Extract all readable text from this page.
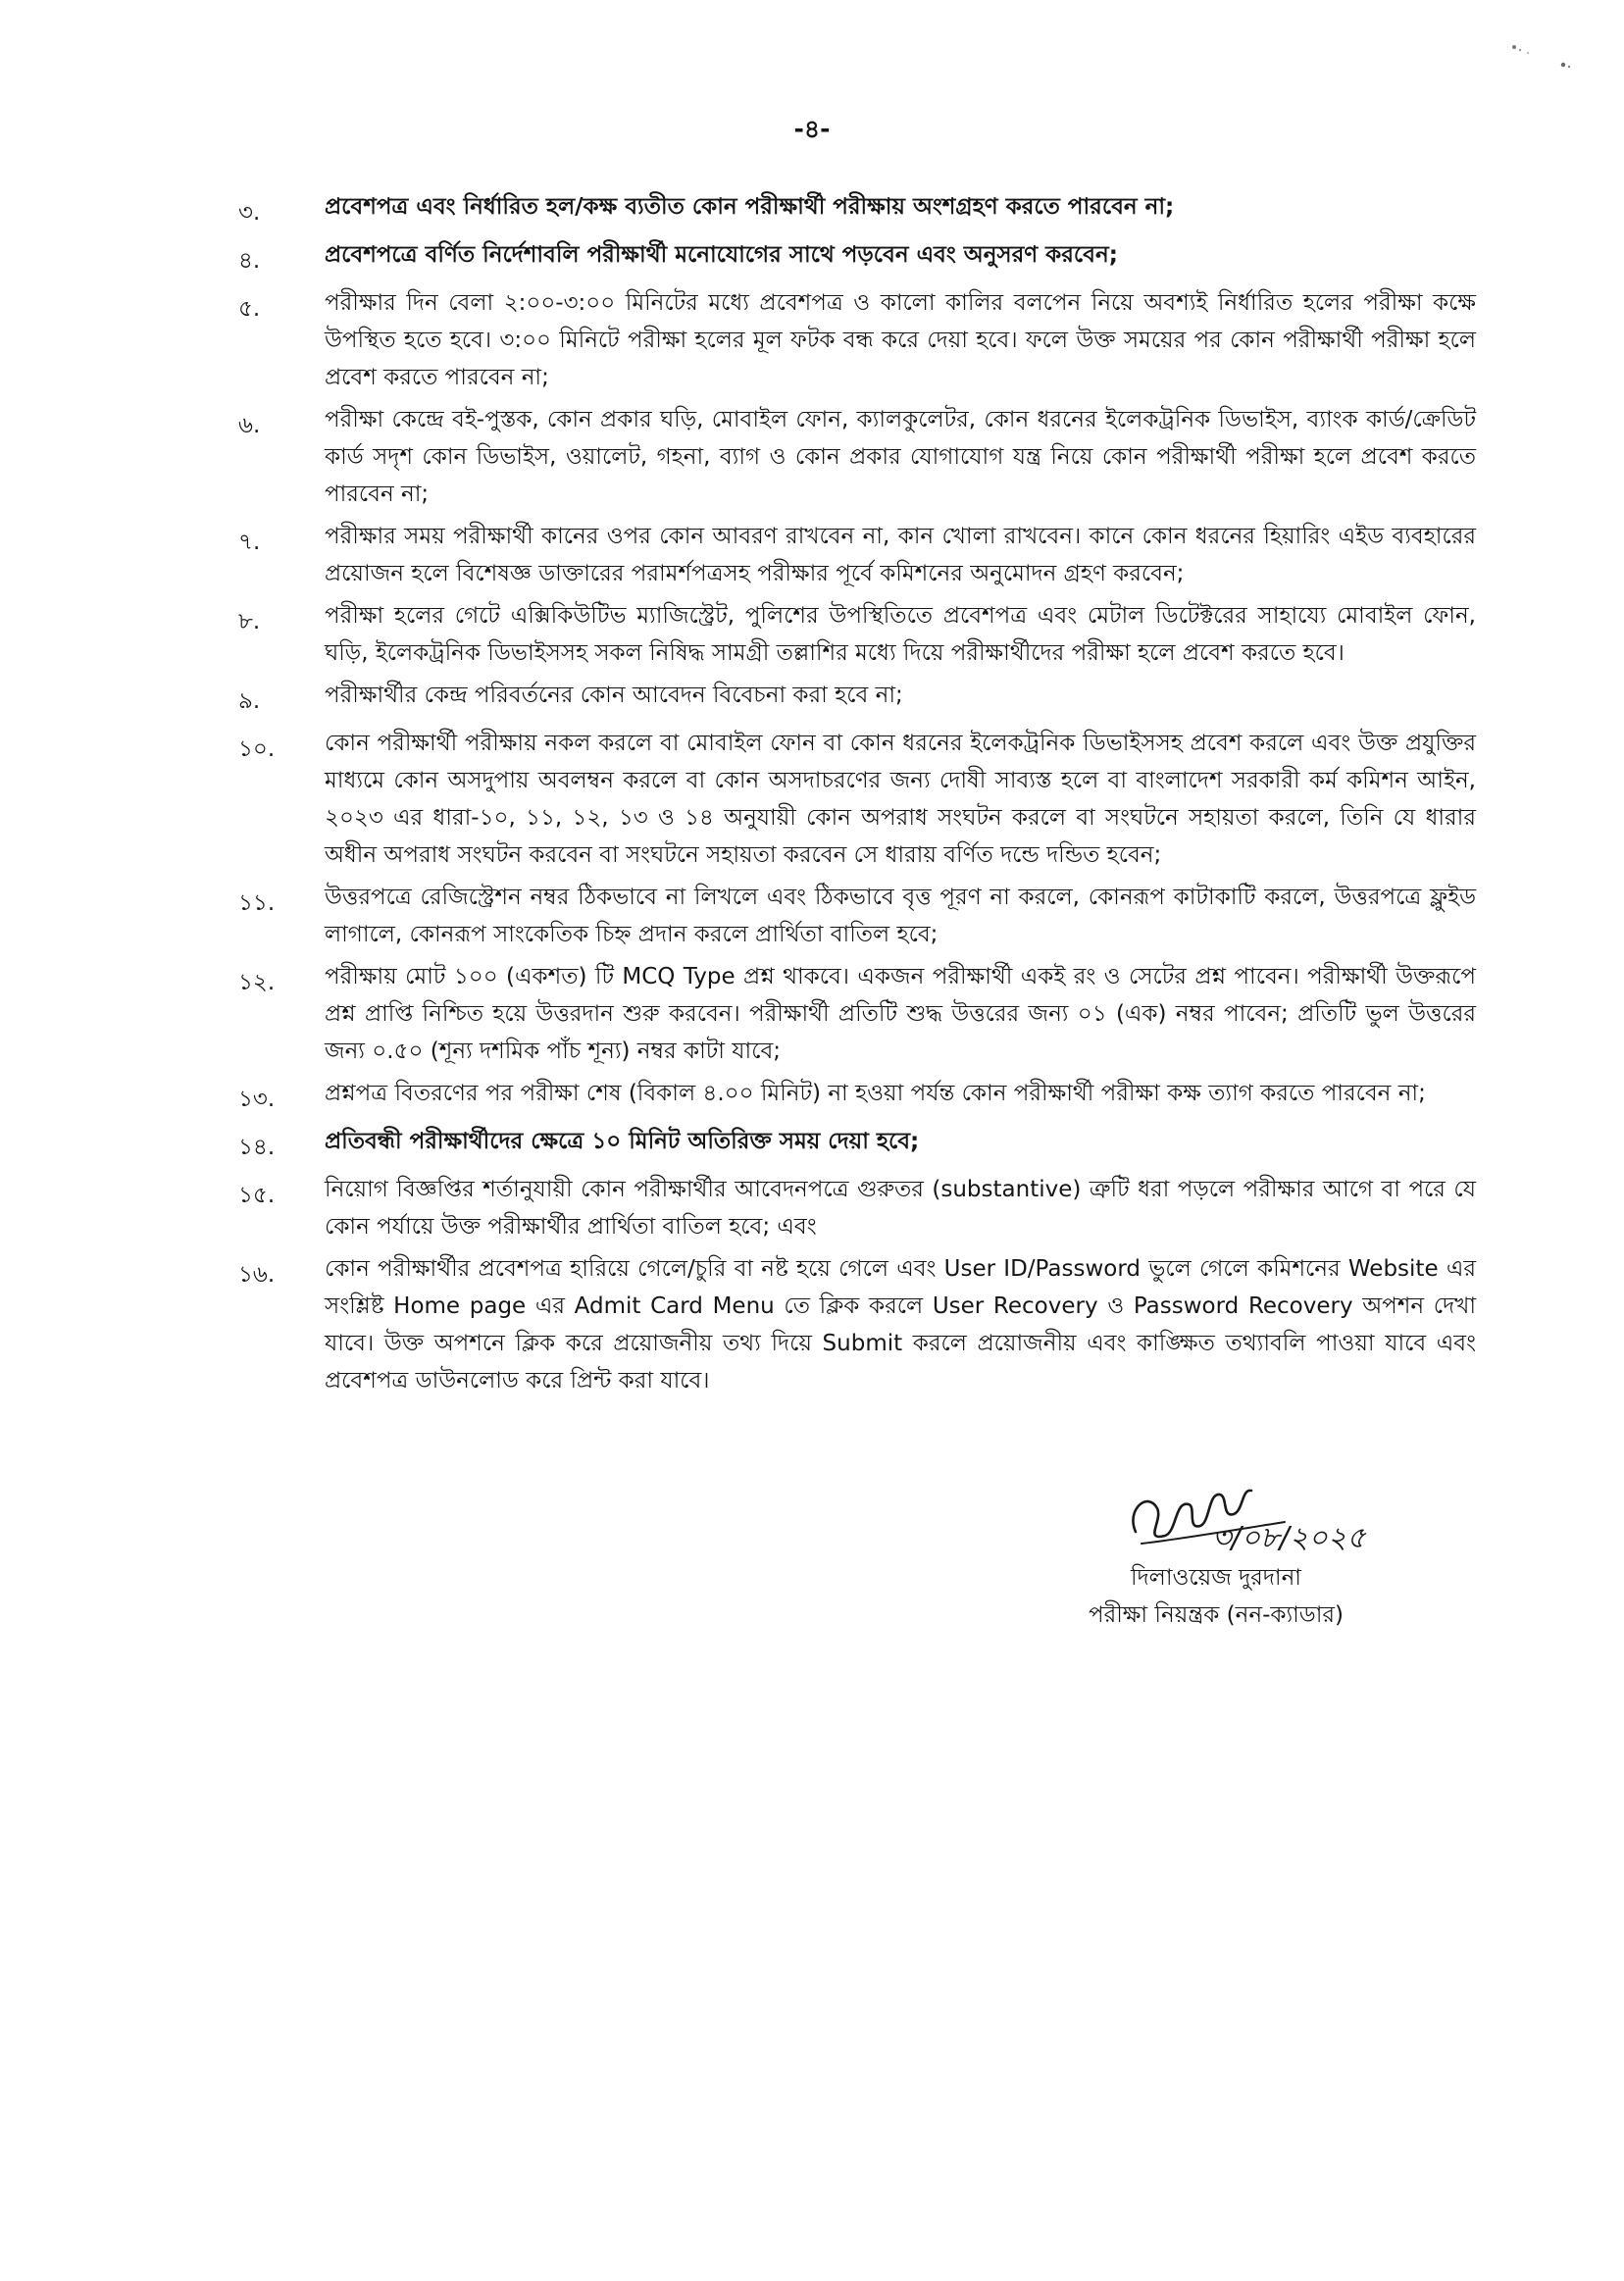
-৪-
৩.	প্রবেশপত্র এবং নির্ধারিত হল/কক্ষ ব্যতীত কোন পরীক্ষার্থী পরীক্ষায় অংশগ্রহণ করতে পারবেন না;
৪.	প্রবেশপত্রে বর্ণিত নির্দেশাবলি পরীক্ষার্থী মনোযোগের সাথে পড়বেন এবং অনুসরণ করবেন;
৫.	পরীক্ষার দিন বেলা ২:০০-৩:০০ মিনিটের মধ্যে প্রবেশপত্র ও কালো কালির বলপেন নিয়ে অবশ্যই নির্ধারিত হলের পরীক্ষা কক্ষে উপস্থিত হতে হবে। ৩:০০ মিনিটে পরীক্ষা হলের মূল ফটক বন্ধ করে দেয়া হবে। ফলে উক্ত সময়ের পর কোন পরীক্ষার্থী পরীক্ষা হলে প্রবেশ করতে পারবেন না;
৬.	পরীক্ষা কেন্দ্রে বই-পুস্তক, কোন প্রকার ঘড়ি, মোবাইল ফোন, ক্যালকুলেটর, কোন ধরনের ইলেকট্রনিক ডিভাইস, ব্যাংক কার্ড/ক্রেডিট কার্ড সদৃশ কোন ডিভাইস, ওয়ালেট, গহনা, ব্যাগ ও কোন প্রকার যোগাযোগ যন্ত্র নিয়ে কোন পরীক্ষার্থী পরীক্ষা হলে প্রবেশ করতে পারবেন না;
৭.	পরীক্ষার সময় পরীক্ষার্থী কানের ওপর কোন আবরণ রাখবেন না, কান খোলা রাখবেন। কানে কোন ধরনের হিয়ারিং এইড ব্যবহারের প্রয়োজন হলে বিশেষজ্ঞ ডাক্তারের পরামর্শপত্রসহ পরীক্ষার পূর্বে কমিশনের অনুমোদন গ্রহণ করবেন;
৮.	পরীক্ষা হলের গেটে এক্সিকিউটিভ ম্যাজিস্ট্রেট, পুলিশের উপস্থিতিতে প্রবেশপত্র এবং মেটাল ডিটেক্টরের সাহায্যে মোবাইল ফোন, ঘড়ি, ইলেকট্রনিক ডিভাইসসহ সকল নিষিদ্ধ সামগ্রী তল্লাশির মধ্যে দিয়ে পরীক্ষার্থীদের পরীক্ষা হলে প্রবেশ করতে হবে।
৯.	পরীক্ষার্থীর কেন্দ্র পরিবর্তনের কোন আবেদন বিবেচনা করা হবে না;
১০.	কোন পরীক্ষার্থী পরীক্ষায় নকল করলে বা মোবাইল ফোন বা কোন ধরনের ইলেকট্রনিক ডিভাইসসহ প্রবেশ করলে এবং উক্ত প্রযুক্তির মাধ্যমে কোন অসদুপায় অবলম্বন করলে বা কোন অসদাচরণের জন্য দোষী সাব্যস্ত হলে বা বাংলাদেশ সরকারী কর্ম কমিশন আইন, ২০২৩ এর ধারা-১০, ১১, ১২, ১৩ ও ১৪ অনুযায়ী কোন অপরাধ সংঘটন করলে বা সংঘটনে সহায়তা করলে, তিনি যে ধারার অধীন অপরাধ সংঘটন করবেন বা সংঘটনে সহায়তা করবেন সে ধারায় বর্ণিত দন্ডে দন্ডিত হবেন;
১১.	উত্তরপত্রে রেজিস্ট্রেশন নম্বর ঠিকভাবে না লিখলে এবং ঠিকভাবে বৃত্ত পূরণ না করলে, কোনরূপ কাটাকাটি করলে, উত্তরপত্রে ফ্লুইড লাগালে, কোনরূপ সাংকেতিক চিহ্ন প্রদান করলে প্রার্থিতা বাতিল হবে;
১২.	পরীক্ষায় মোট ১০০ (একশত) টি MCQ Type প্রশ্ন থাকবে। একজন পরীক্ষার্থী একই রং ও সেটের প্রশ্ন পাবেন। পরীক্ষার্থী উক্তরূপে প্রশ্ন প্রাপ্তি নিশ্চিত হয়ে উত্তরদান শুরু করবেন। পরীক্ষার্থী প্রতিটি শুদ্ধ উত্তরের জন্য ০১ (এক) নম্বর পাবেন; প্রতিটি ভুল উত্তরের জন্য ০.৫০ (শূন্য দশমিক পাঁচ শূন্য) নম্বর কাটা যাবে;
১৩.	প্রশ্নপত্র বিতরণের পর পরীক্ষা শেষ (বিকাল ৪.০০ মিনিট) না হওয়া পর্যন্ত কোন পরীক্ষার্থী পরীক্ষা কক্ষ ত্যাগ করতে পারবেন না;
১৪.	প্রতিবন্ধী পরীক্ষার্থীদের ক্ষেত্রে ১০ মিনিট অতিরিক্ত সময় দেয়া হবে;
১৫.	নিয়োগ বিজ্ঞপ্তির শর্তানুযায়ী কোন পরীক্ষার্থীর আবেদনপত্রে গুরুতর (substantive) ত্রুটি ধরা পড়লে পরীক্ষার আগে বা পরে যে কোন পর্যায়ে উক্ত পরীক্ষার্থীর প্রার্থিতা বাতিল হবে; এবং
১৬.	কোন পরীক্ষার্থীর প্রবেশপত্র হারিয়ে গেলে/চুরি বা নষ্ট হয়ে গেলে এবং User ID/Password ভুলে গেলে কমিশনের Website এর সংশ্লিষ্ট Home page এর Admit Card Menu তে ক্লিক করলে User Recovery ও Password Recovery অপশন দেখা যাবে। উক্ত অপশনে ক্লিক করে প্রয়োজনীয় তথ্য দিয়ে Submit করলে প্রয়োজনীয় এবং কাঙ্ক্ষিত তথ্যাবলি পাওয়া যাবে এবং প্রবেশপত্র ডাউনলোড করে প্রিন্ট করা যাবে।
৩/০৮/২০২৫
দিলাওয়েজ দুরদানা
পরীক্ষা নিয়ন্ত্রক (নন-ক্যাডার)
